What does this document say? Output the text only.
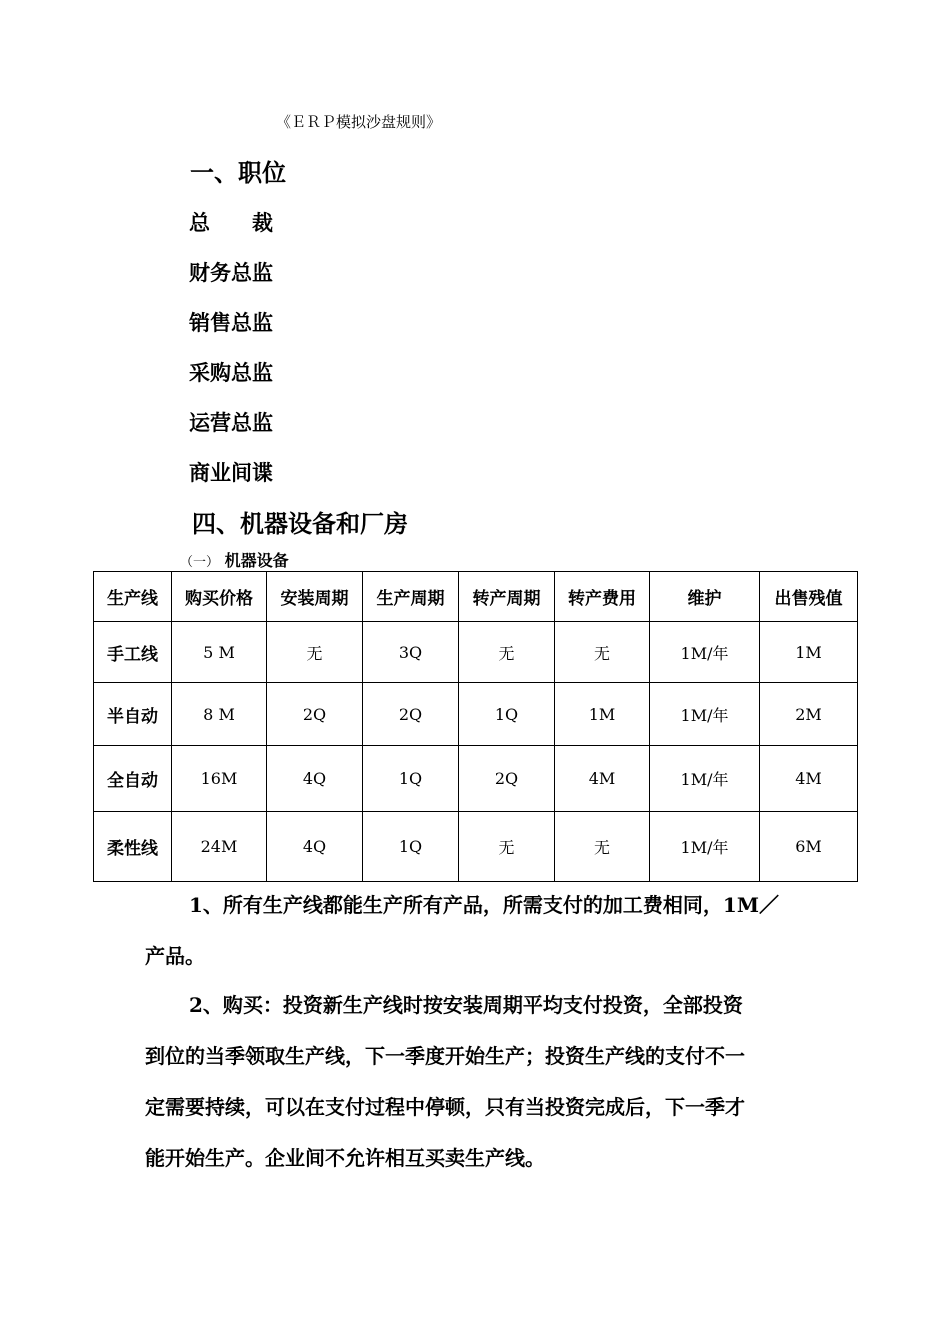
《ＥＲＰ模拟沙盘规则》
一、职位
总　　裁
财务总监
销售总监
采购总监
运营总监
商业间谍
四、机器设备和厂房
（一） 机器设备
生产线	购买价格	安装周期	生产周期	转产周期	转产费用	维护	出售残值
手工线	5 M	无	3Q	无	无	1M/年	1M
半自动	8 M	2Q	2Q	1Q	1M	1M/年	2M
全自动	16M	4Q	1Q	2Q	4M	1M/年	4M
柔性线	24M	4Q	1Q	无	无	1M/年	6M
1、所有生产线都能生产所有产品，所需支付的加工费相同，1M／
产品。
2、购买：投资新生产线时按安装周期平均支付投资，全部投资
到位的当季领取生产线，下一季度开始生产；投资生产线的支付不一
定需要持续，可以在支付过程中停顿，只有当投资完成后，下一季才
能开始生产。企业间不允许相互买卖生产线。
